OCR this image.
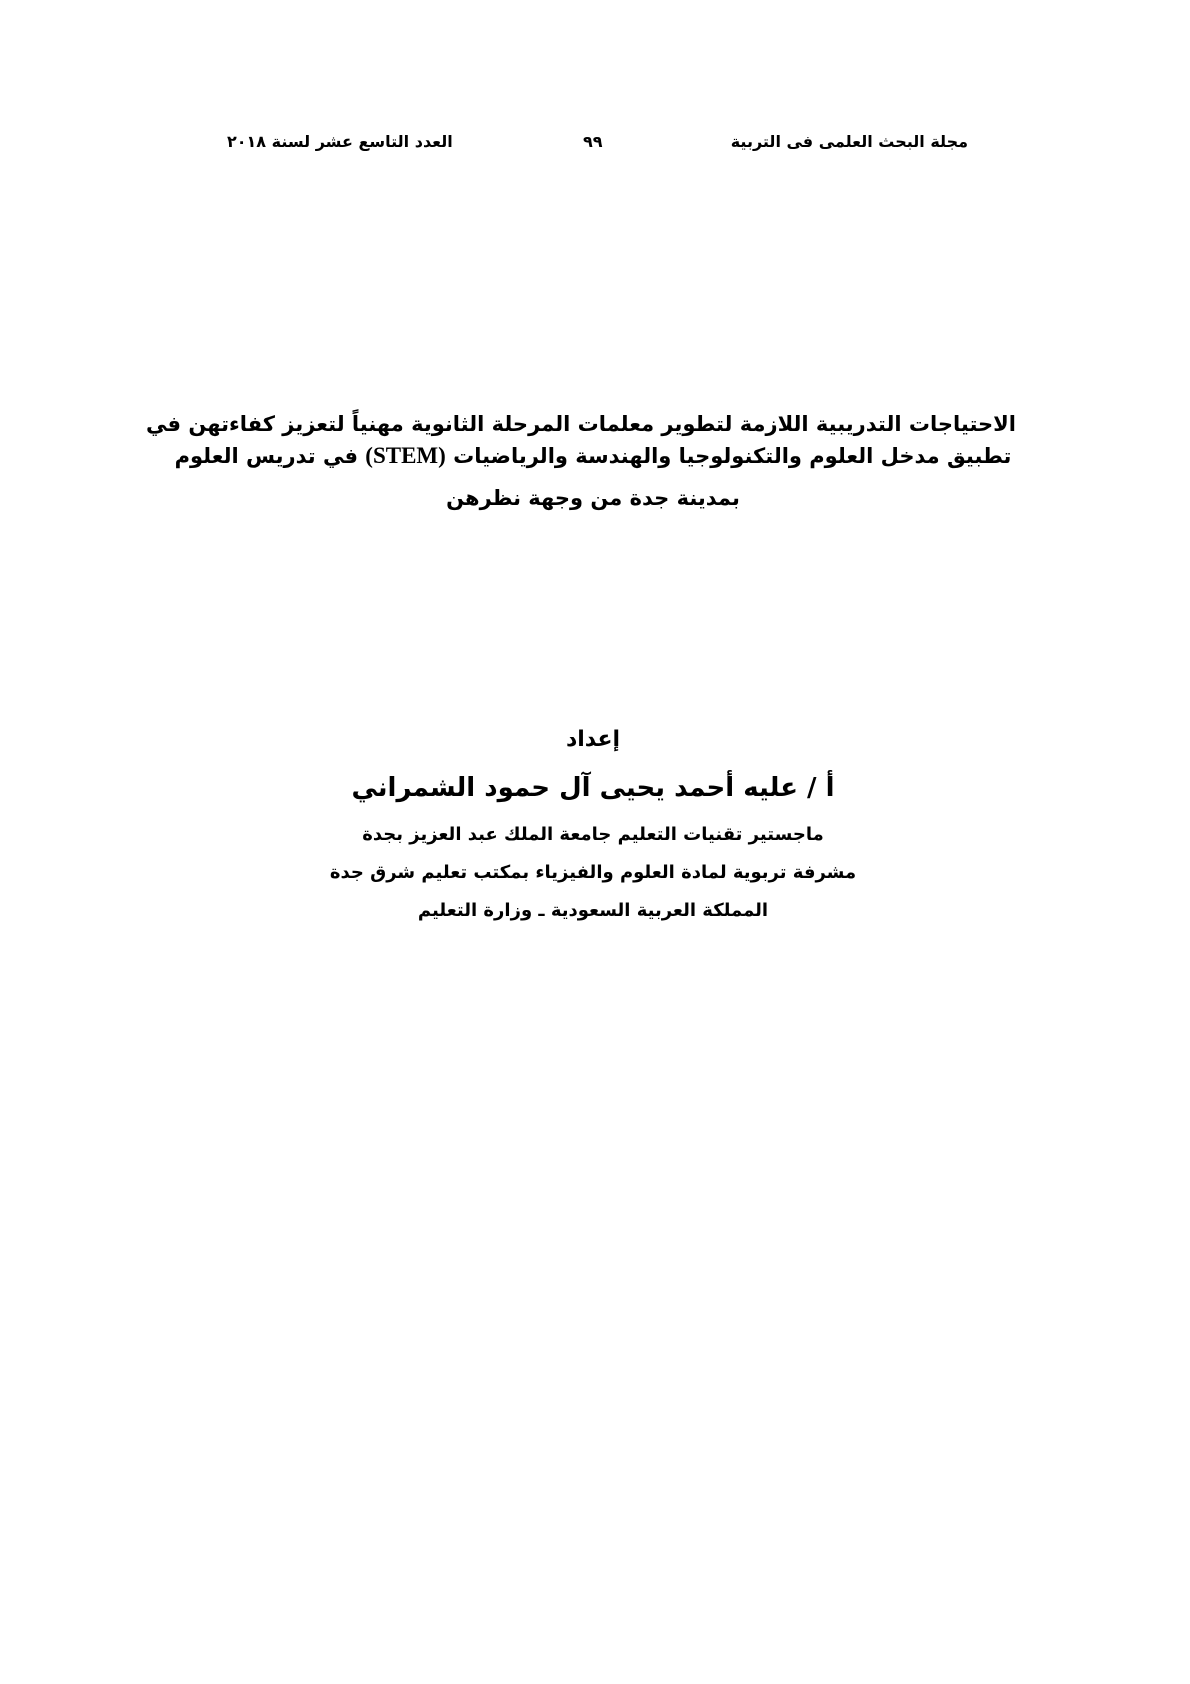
مجلة البحث العلمى فى التربية
٩٩
العدد التاسع عشر لسنة ٢٠١٨
الاحتياجات التدريبية اللازمة لتطوير معلمات المرحلة الثانوية مهنياً لتعزيز كفاءتهن في
تطبيق مدخل العلوم والتكنولوجيا والهندسة والرياضيات (STEM) في تدريس العلوم
بمدينة جدة من وجهة نظرهن
إعداد
أ / عليه أحمد يحيى آل حمود الشمراني
ماجستير تقنيات التعليم جامعة الملك عبد العزيز بجدة
مشرفة تربوية لمادة العلوم والفيزياء بمكتب تعليم شرق جدة
المملكة العربية السعودية ـ وزارة التعليم
